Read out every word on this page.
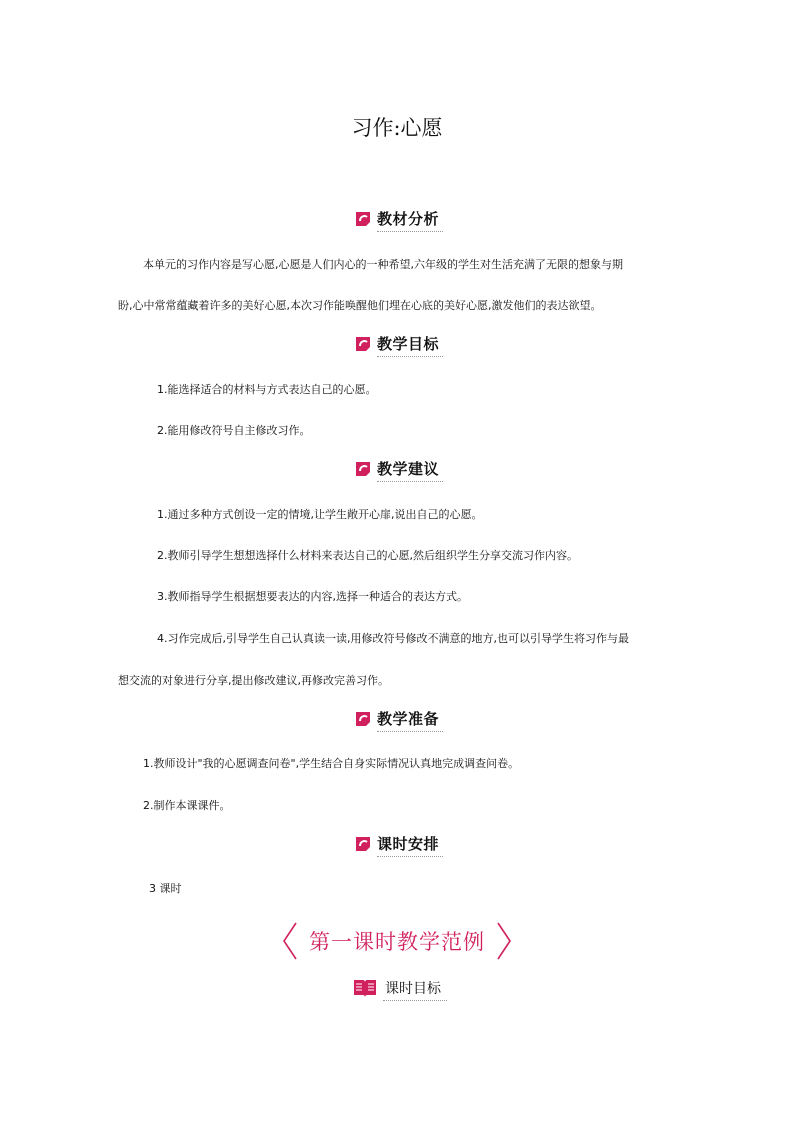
习作:心愿
教材分析
本单元的习作内容是写心愿,心愿是人们内心的一种希望,六年级的学生对生活充满了无限的想象与期
盼,心中常常蕴藏着许多的美好心愿,本次习作能唤醒他们埋在心底的美好心愿,激发他们的表达欲望。
教学目标
1.能选择适合的材料与方式表达自己的心愿。
2.能用修改符号自主修改习作。
教学建议
1.通过多种方式创设一定的情境,让学生敞开心扉,说出自己的心愿。
2.教师引导学生想想选择什么材料来表达自己的心愿,然后组织学生分享交流习作内容。
3.教师指导学生根据想要表达的内容,选择一种适合的表达方式。
4.习作完成后,引导学生自己认真读一读,用修改符号修改不满意的地方,也可以引导学生将习作与最
想交流的对象进行分享,提出修改建议,再修改完善习作。
教学准备
1.教师设计"我的心愿调查问卷",学生结合自身实际情况认真地完成调查问卷。
2.制作本课课件。
课时安排
3 课时
第一课时教学范例
课时目标
